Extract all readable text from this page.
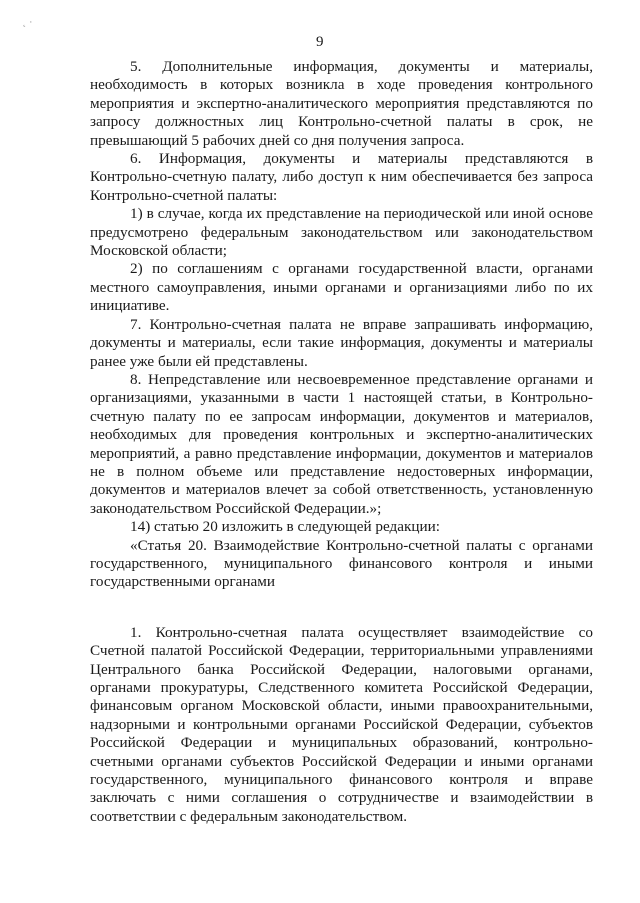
˛ ·
9

5. Дополнительные информация, документы и материалы, необходимость в которых возникла в ходе проведения контрольного мероприятия и экспертно-аналитического мероприятия представляются по запросу должностных лиц Контрольно-счетной палаты в срок, не превышающий 5 рабочих дней со дня получения запроса.

6. Информация, документы и материалы представляются в Контрольно-счетную палату, либо доступ к ним обеспечивается без запроса Контрольно-счетной палаты:

1) в случае, когда их представление на периодической или иной основе предусмотрено федеральным законодательством или законодательством Московской области;

2) по соглашениям с органами государственной власти, органами местного самоуправления, иными органами и организациями либо по их инициативе.

7. Контрольно-счетная палата не вправе запрашивать информацию, документы и материалы, если такие информация, документы и материалы ранее уже были ей представлены.

8. Непредставление или несвоевременное представление органами и организациями, указанными в части 1 настоящей статьи, в Контрольно-счетную палату по ее запросам информации, документов и материалов, необходимых для проведения контрольных и экспертно-аналитических мероприятий, а равно представление информации, документов и материалов не в полном объеме или представление недостоверных информации, документов и материалов влечет за собой ответственность, установленную законодательством Российской Федерации.»;

14) статью 20 изложить в следующей редакции:

«Статья 20. Взаимодействие Контрольно-счетной палаты с органами государственного, муниципального финансового контроля и иными государственными органами

1. Контрольно-счетная палата осуществляет взаимодействие со Счетной палатой Российской Федерации, территориальными управлениями Центрального банка Российской Федерации, налоговыми органами, органами прокуратуры, Следственного комитета Российской Федерации, финансовым органом Московской области, иными правоохранительными, надзорными и контрольными органами Российской Федерации, субъектов Российской Федерации и муниципальных образований, контрольно-счетными органами субъектов Российской Федерации и иными органами государственного, муниципального финансового контроля и вправе заключать с ними соглашения о сотрудничестве и взаимодействии в соответствии с федеральным законодательством.
